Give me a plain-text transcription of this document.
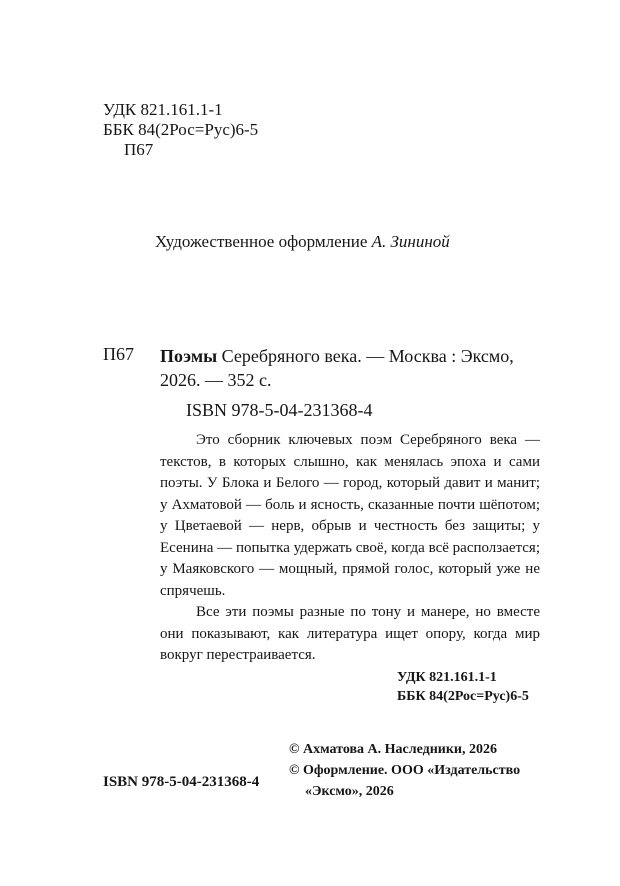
УДК 821.161.1-1
ББК 84(2Рос=Рус)6-5
П67
Художественное оформление А. Зининой
П67 Поэмы Серебряного века. — Москва : Эксмо, 2026. — 352 с.
ISBN 978-5-04-231368-4

Это сборник ключевых поэм Серебряного века — текстов, в которых слышно, как менялась эпоха и сами поэты. У Блока и Белого — город, который давит и манит; у Ахматовой — боль и ясность, сказанные почти шёпотом; у Цветаевой — нерв, обрыв и честность без защиты; у Есенина — попытка удержать своё, когда всё расползается; у Маяковского — мощный, прямой голос, который уже не спрячешь.

Все эти поэмы разные по тону и манере, но вместе они показывают, как литература ищет опору, когда мир вокруг перестраивается.

УДК 821.161.1-1
ББК 84(2Рос=Рус)6-5
© Ахматова А. Наследники, 2026
© Оформление. ООО «Издательство
«Эксмо», 2026
ISBN 978-5-04-231368-4
